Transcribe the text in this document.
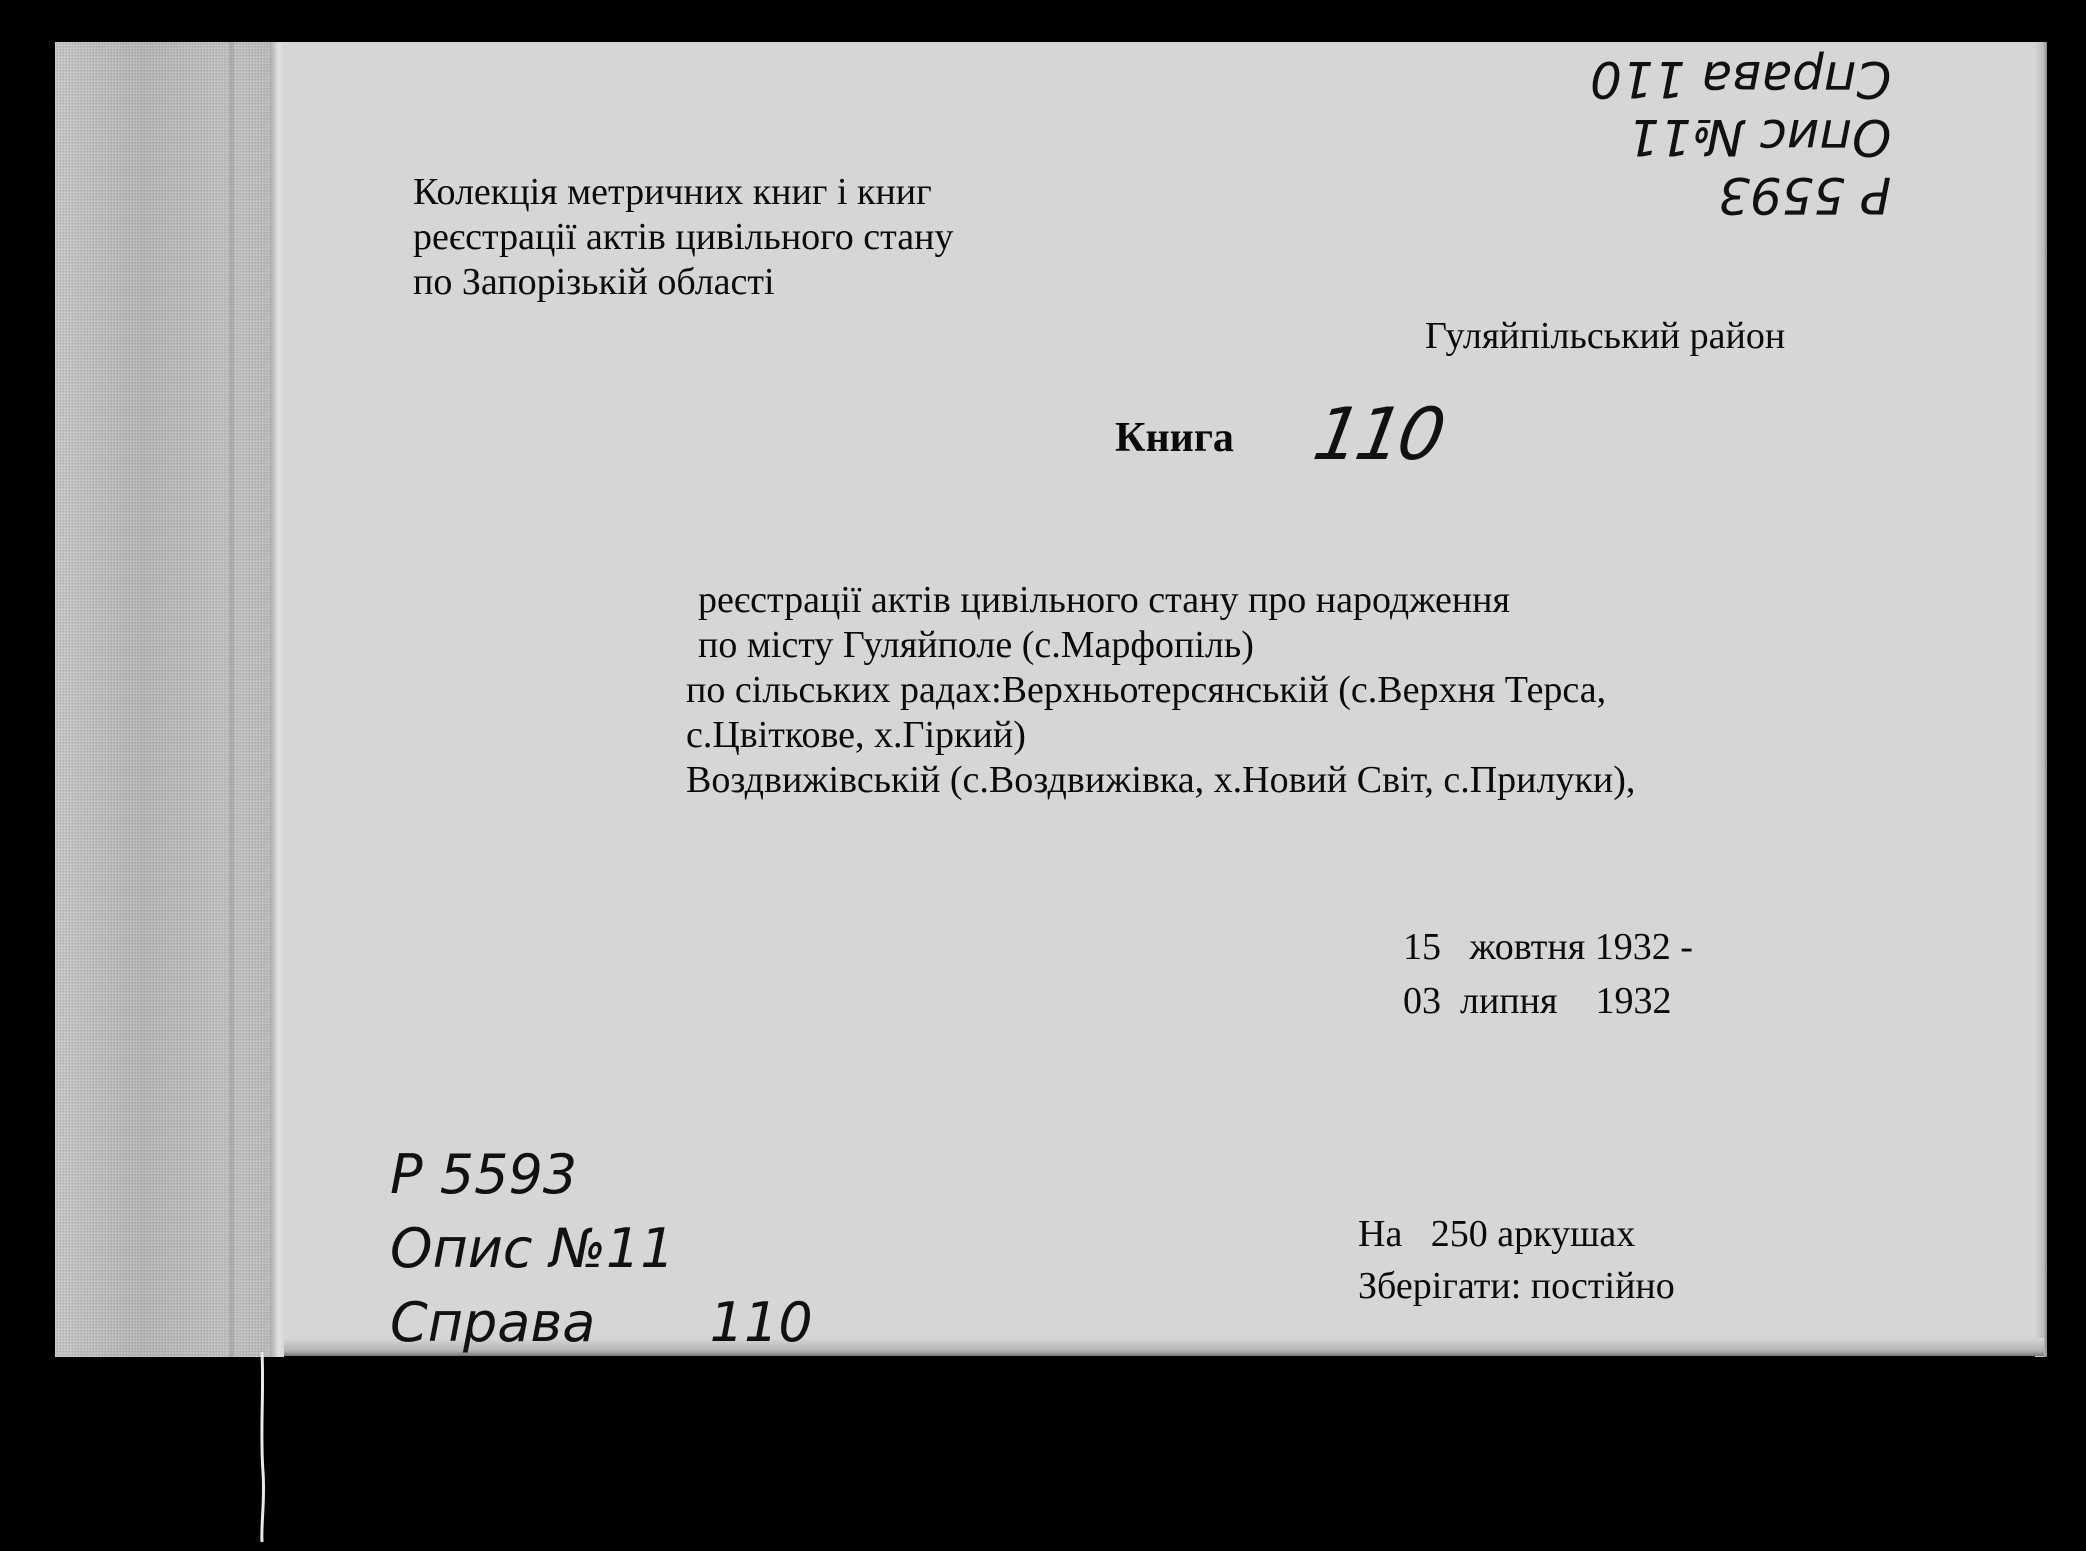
Колекція метричних книг і книг
реєстрації актів цивільного стану
по Запорізькій області
Гуляйпільський район
Книга 110
реєстрації актів цивільного стану про народження
по місту Гуляйполе (с.Марфопіль)
по сільських радах:Верхньотерсянській (с.Верхня Терса,
с.Цвіткове, х.Гіркий)
Воздвижівській (с.Воздвижівка, х.Новий Світ, с.Прилуки),
15   жовтня 1932 -
03  липня    1932
На   250 аркушах
Зберігати: постійно
Р 5593
Опис №11
Справа 110
Р 5593
Опис №11
Справа 110
